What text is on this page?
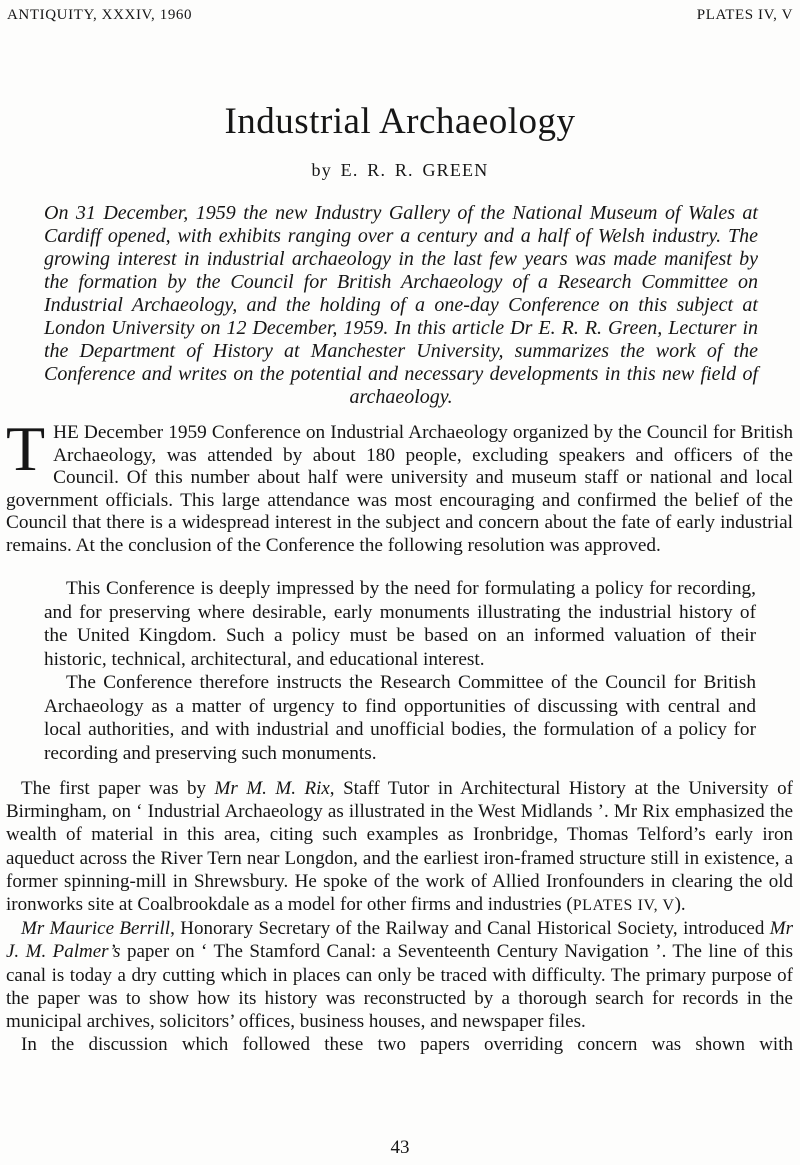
ANTIQUITY, XXXIV, 1960	PLATES IV, V
Industrial Archaeology
by E. R. R. GREEN

On 31 December, 1959 the new Industry Gallery of the National Museum of Wales at Cardiff opened, with exhibits ranging over a century and a half of Welsh industry. The growing interest in industrial archaeology in the last few years was made manifest by the formation by the Council for British Archaeology of a Research Committee on Industrial Archaeology, and the holding of a one-day Conference on this subject at London University on 12 December, 1959. In this article Dr E. R. R. Green, Lecturer in the Department of History at Manchester University, summarizes the work of the Conference and writes on the potential and necessary developments in this new field of archaeology.

THE December 1959 Conference on Industrial Archaeology organized by the Council for British Archaeology, was attended by about 180 people, excluding speakers and officers of the Council. Of this number about half were university and museum staff or national and local government officials. This large attendance was most encouraging and confirmed the belief of the Council that there is a widespread interest in the subject and concern about the fate of early industrial remains. At the conclusion of the Conference the following resolution was approved.

This Conference is deeply impressed by the need for formulating a policy for recording, and for preserving where desirable, early monuments illustrating the industrial history of the United Kingdom. Such a policy must be based on an informed valuation of their historic, technical, architectural, and educational interest.

The Conference therefore instructs the Research Committee of the Council for British Archaeology as a matter of urgency to find opportunities of discussing with central and local authorities, and with industrial and unofficial bodies, the formulation of a policy for recording and preserving such monuments.

The first paper was by Mr M. M. Rix, Staff Tutor in Architectural History at the University of Birmingham, on ‘ Industrial Archaeology as illustrated in the West Midlands ’. Mr Rix emphasized the wealth of material in this area, citing such examples as Ironbridge, Thomas Telford’s early iron aqueduct across the River Tern near Longdon, and the earliest iron-framed structure still in existence, a former spinning-mill in Shrewsbury. He spoke of the work of Allied Ironfounders in clearing the old ironworks site at Coalbrookdale as a model for other firms and industries (PLATES IV, V).

Mr Maurice Berrill, Honorary Secretary of the Railway and Canal Historical Society, introduced Mr J. M. Palmer’s paper on ‘ The Stamford Canal: a Seventeenth Century Navigation ’. The line of this canal is today a dry cutting which in places can only be traced with difficulty. The primary purpose of the paper was to show how its history was reconstructed by a thorough search for records in the municipal archives, solicitors’ offices, business houses, and newspaper files.

In the discussion which followed these two papers overriding concern was shown with

43
